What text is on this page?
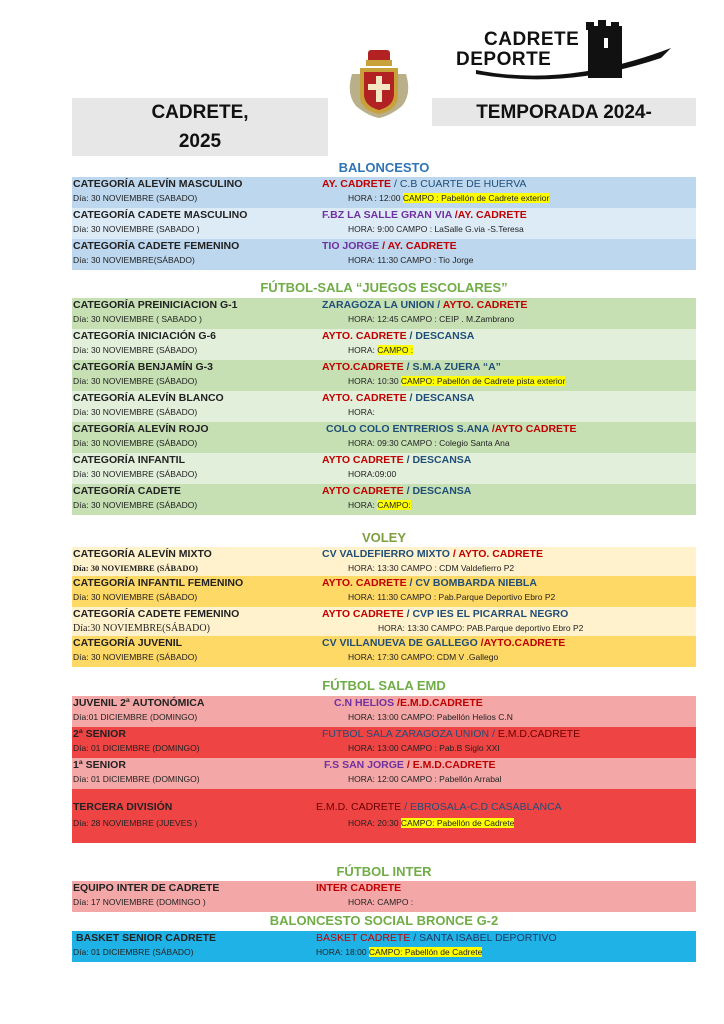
CADRETE
DEPORTE
CADRETE,
2025
TEMPORADA 2024-
BALONCESTO
CATEGORÍA ALEVÍN MASCULINO	AY. CADRETE / C.B CUARTE DE HUERVA
Día: 30 NOVIEMBRE (SABADO)	HORA : 12:00 CAMPO : Pabellón de Cadrete exterior
CATEGORÍA CADETE MASCULINO	F.BZ LA SALLE GRAN VIA /AY. CADRETE
Día: 30 NOVIEMBRE (SABADO )	HORA: 9:00 CAMPO : LaSalle G.via -S.Teresa
CATEGORÍA CADETE FEMENINO	TIO JORGE / AY. CADRETE
Día: 30 NOVIEMBRE(SÁBADO)	HORA: 11:30 CAMPO : Tio Jorge
FÚTBOL-SALA “JUEGOS ESCOLARES”
CATEGORÍA PREINICIACION G-1	ZARAGOZA LA UNION / AYTO. CADRETE
Día: 30 NOVIEMBRE ( SABADO )	HORA: 12:45 CAMPO : CEIP . M.Zambrano
CATEGORÍA INICIACIÓN G-6	AYTO. CADRETE / DESCANSA
Día: 30 NOVIEMBRE (SÁBADO)	HORA: CAMPO :
CATEGORÍA BENJAMÍN G-3	AYTO.CADRETE / S.M.A ZUERA “A”
Día: 30 NOVIEMBRE (SÁBADO)	HORA: 10:30 CAMPO: Pabellón de Cadrete pista exterior
CATEGORÍA ALEVÍN BLANCO	AYTO. CADRETE / DESCANSA
Día: 30 NOVIEMBRE (SÁBADO)	HORA:
CATEGORÍA ALEVÍN ROJO	COLO COLO ENTRERIOS S.ANA /AYTO CADRETE
Día: 30 NOVIEMBRE (SÁBADO)	HORA: 09:30 CAMPO : Colegio Santa Ana
CATEGORÍA INFANTIL	AYTO CADRETE / DESCANSA
Día: 30 NOVIEMBRE (SÁBADO)	HORA:09:00
CATEGORÍA CADETE	AYTO CADRETE / DESCANSA
Día: 30 NOVIEMBRE (SÁBADO)	HORA: CAMPO:
VOLEY
CATEGORÍA ALEVÍN MIXTO	CV VALDEFIERRO MIXTO / AYTO. CADRETE
Día: 30 NOVIEMBRE (SÁBADO)	HORA: 13:30 CAMPO : CDM Valdefierro P2
CATEGORÍA INFANTIL FEMENINO	AYTO. CADRETE / CV BOMBARDA NIEBLA
Día: 30 NOVIEMBRE (SÁBADO)	HORA: 11:30 CAMPO : Pab.Parque Deportivo Ebro P2
CATEGORÍA CADETE FEMENINO	AYTO CADRETE / CVP IES EL PICARRAL NEGRO
Día:30 NOVIEMBRE(SÁBADO)	HORA: 13:30 CAMPO: PAB.Parque deportivo Ebro P2
CATEGORÍA JUVENIL	CV VILLANUEVA DE GALLEGO /AYTO.CADRETE
Día: 30 NOVIEMBRE (SÁBADO)	HORA: 17:30 CAMPO: CDM V .Gallego
FÚTBOL SALA EMD
JUVENIL 2ª AUTONÓMICA	C.N HELIOS /E.M.D.CADRETE
Día:01 DICIEMBRE (DOMINGO)	HORA: 13:00 CAMPO: Pabellón Helios C.N
2ª SENIOR	FUTBOL SALA ZARAGOZA UNION / E.M.D.CADRETE
Día: 01 DICIEMBRE (DOMINGO)	HORA: 13:00 CAMPO : Pab.B Siglo XXI
1ª SENIOR	F.S SAN JORGE / E.M.D.CADRETE
Día: 01 DICIEMBRE (DOMINGO)	HORA: 12:00 CAMPO : Pabellón Arrabal
TERCERA DIVISIÓN	E.M.D. CADRETE / EBROSALA-C.D CASABLANCA
Día: 28 NOVIEMBRE (JUEVES )	HORA: 20:30 CAMPO: Pabellón de Cadrete
FÚTBOL INTER
EQUIPO INTER DE CADRETE	INTER CADRETE
Día: 17 NOVIEMBRE (DOMINGO )	HORA: CAMPO :
BALONCESTO SOCIAL BRONCE G-2
BASKET SENIOR CADRETE	BASKET CADRETE / SANTA ISABEL DEPORTIVO
Día: 01 DICIEMBRE (SÁBADO)	HORA: 18:00 CAMPO: Pabellón de Cadrete
